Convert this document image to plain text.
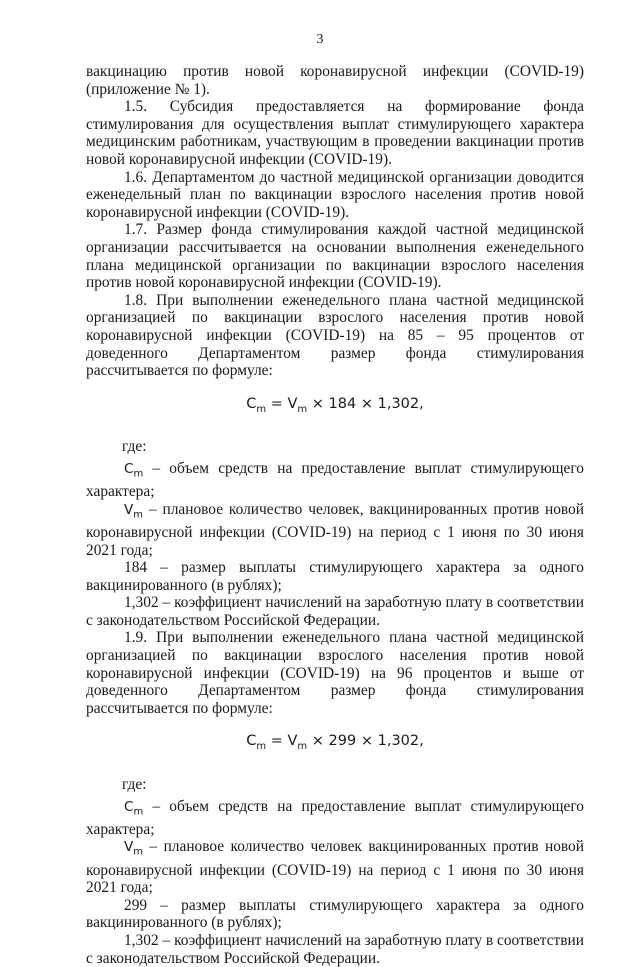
3

вакцинацию против новой коронавирусной инфекции (COVID-19) (приложение № 1).

1.5. Субсидия предоставляется на формирование фонда стимулирования для осуществления выплат стимулирующего характера медицинским работникам, участвующим в проведении вакцинации против новой коронавирусной инфекции (COVID-19).

1.6. Департаментом до частной медицинской организации доводится еженедельный план по вакцинации взрослого населения против новой коронавирусной инфекции (COVID-19).

1.7. Размер фонда стимулирования каждой частной медицинской организации рассчитывается на основании выполнения еженедельного плана медицинской организации по вакцинации взрослого населения против новой коронавирусной инфекции (COVID-19).

1.8. При выполнении еженедельного плана частной медицинской организацией по вакцинации взрослого населения против новой коронавирусной инфекции (COVID-19) на 85 – 95 процентов от доведенного Департаментом размер фонда стимулирования рассчитывается по формуле:

$C_m = V_m \times 184 \times 1,302$,

где:

$C_m$ – объем средств на предоставление выплат стимулирующего характера;

$V_m$ – плановое количество человек, вакцинированных против новой коронавирусной инфекции (COVID-19) на период с 1 июня по 30 июня 2021 года;

184 – размер выплаты стимулирующего характера за одного вакцинированного (в рублях);

1,302 – коэффициент начислений на заработную плату в соответствии с законодательством Российской Федерации.

1.9. При выполнении еженедельного плана частной медицинской организацией по вакцинации взрослого населения против новой коронавирусной инфекции (COVID-19) на 96 процентов и выше от доведенного Департаментом размер фонда стимулирования рассчитывается по формуле:

$C_m = V_m \times 299 \times 1,302$,

где:

$C_m$ – объем средств на предоставление выплат стимулирующего характера;

$V_m$ – плановое количество человек вакцинированных против новой коронавирусной инфекции (COVID-19) на период с 1 июня по 30 июня 2021 года;

299 – размер выплаты стимулирующего характера за одного вакцинированного (в рублях);

1,302 – коэффициент начислений на заработную плату в соответствии с законодательством Российской Федерации.
